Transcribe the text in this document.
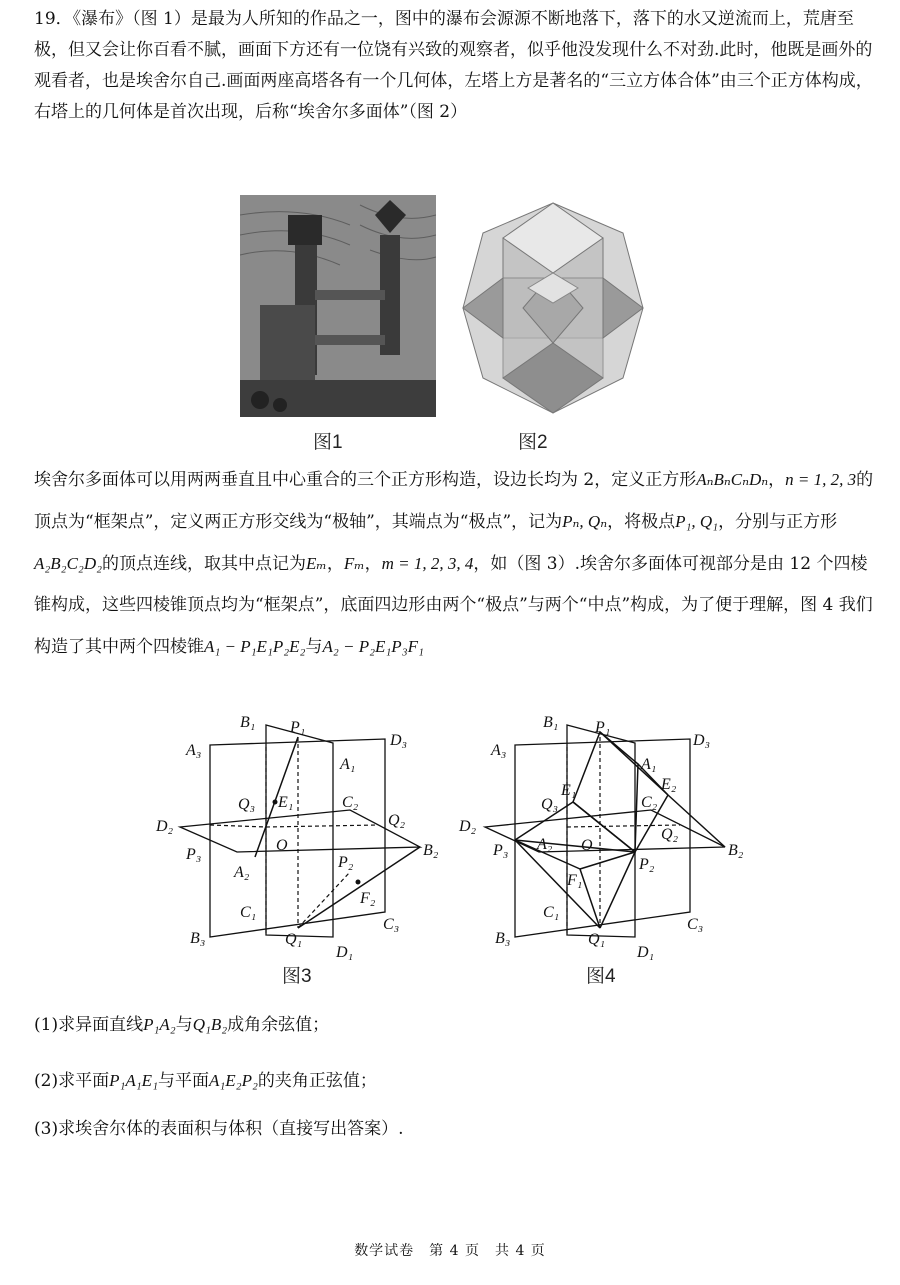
19．《瀑布》（图 1）是最为人所知的作品之一，图中的瀑布会源源不断地落下，落下的水又逆流而上，荒唐至极，但又会让你百看不腻，画面下方还有一位饶有兴致的观察者，似乎他没发现什么不对劲.此时，他既是画外的观看者，也是埃舍尔自己.画面两座高塔各有一个几何体，左塔上方是著名的“三立方体合体”由三个正方体构成，右塔上的几何体是首次出现，后称“埃舍尔多面体”（图 2）
图1	图2
埃舍尔多面体可以用两两垂直且中心重合的三个正方形构造，设边长均为 2，定义正方形AₙBₙCₙDₙ，n = 1, 2, 3的顶点为“框架点”，定义两正方形交线为“极轴”，其端点为“极点”，记为Pₙ, Qₙ，将极点P₁, Q₁，分别与正方形A₂B₂C₂D₂的顶点连线，取其中点记为Eₘ，Fₘ，m = 1, 2, 3, 4，如（图 3）.埃舍尔多面体可视部分是由 12 个四棱锥构成，这些四棱锥顶点均为“框架点”，底面四边形由两个“极点”与两个“中点”构成，为了便于理解，图 4 我们构造了其中两个四棱锥A₁ − P₁E₁P₂E₂与A₂ − P₂E₁P₃F₁
B₁ P₁
D₃
A₃
A₁
Q₃ E₁	C₂
Q₂
D₂
O	B₂
P₃	P₂
A₂
F₂
C₁
C₃
B₃	Q₁
D₁
图3
B₁ P₁
D₃
A₃
A₁
E₁	E₂
Q₃	C₂
Q₂
D₂
A₂ O	B₂
P₃
P₂
F₁
C₁
C₃
B₃	Q₁
D₁
图4
(1)求异面直线P₁A₂与Q₁B₂成角余弦值；
(2)求平面P₁A₁E₁与平面A₁E₂P₂的夹角正弦值；
(3)求埃舍尔体的表面积与体积（直接写出答案）.
数学试卷　第 4 页　共 4 页
